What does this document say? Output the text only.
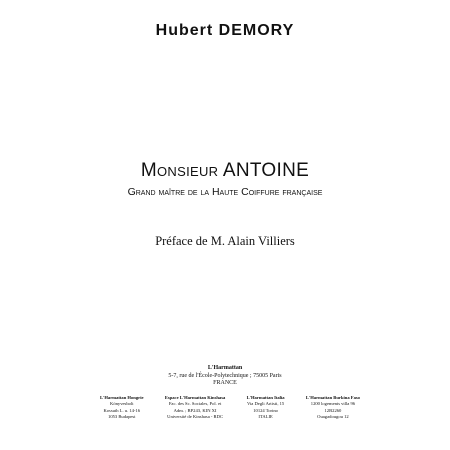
Hubert DEMORY
Monsieur ANTOINE
Grand maître de la Haute Coiffure française
Préface de M. Alain Villiers
L'Harmattan
5-7, rue de l'École-Polytechnique ; 75005 Paris
FRANCE
L'Harmattan Hongrie
Könyvesbolt
Kossuth L. u. 14-16
1053 Budapest
Espace L'Harmattan Kinshasa
Fac. des Sc. Sociales, Pol. et
Adm. ; BP243, KIN XI
Université de Kinshasa - RDC
L'Harmattan Italia
Via Degli Artisti, 15
10124 Torino
ITALIE
L'Harmattan Burkina Faso
1200 logements villa 96
12B2260
Ouagadougou 12
